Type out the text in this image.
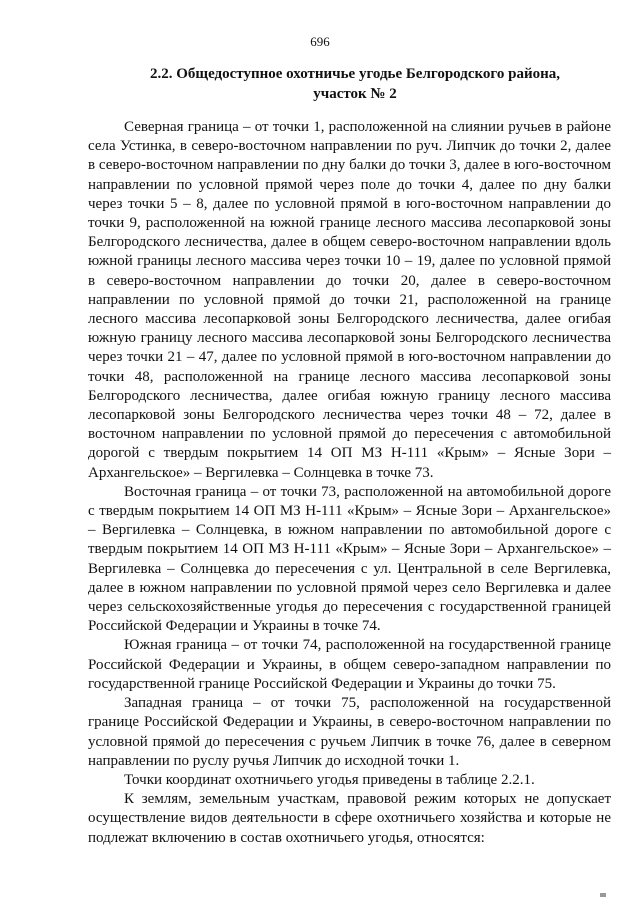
696
2.2. Общедоступное охотничье угодье Белгородского района,
участок № 2

Северная граница – от точки 1, расположенной на слиянии ручьев в районе села Устинка, в северо-восточном направлении по руч. Липчик до точки 2, далее в северо-восточном направлении по дну балки до точки 3, далее в юго-восточном направлении по условной прямой через поле до точки 4, далее по дну балки через точки 5 – 8, далее по условной прямой в юго-восточном направлении до точки 9, расположенной на южной границе лесного массива лесопарковой зоны Белгородского лесничества, далее в общем северо-восточном направлении вдоль южной границы лесного массива через точки 10 – 19, далее по условной прямой в северо-восточном направлении до точки 20, далее в северо-восточном направлении по условной прямой до точки 21, расположенной на границе лесного массива лесопарковой зоны Белгородского лесничества, далее огибая южную границу лесного массива лесопарковой зоны Белгородского лесничества через точки 21 – 47, далее по условной прямой в юго-восточном направлении до точки 48, расположенной на границе лесного массива лесопарковой зоны Белгородского лесничества, далее огибая южную границу лесного массива лесопарковой зоны Белгородского лесничества через точки 48 – 72, далее в восточном направлении по условной прямой до пересечения с автомобильной дорогой с твердым покрытием 14 ОП МЗ Н-111 «Крым» – Ясные Зори – Архангельское» – Вергилевка – Солнцевка в точке 73.

Восточная граница – от точки 73, расположенной на автомобильной дороге с твердым покрытием 14 ОП МЗ Н-111 «Крым» – Ясные Зори – Архангельское» – Вергилевка – Солнцевка, в южном направлении по автомобильной дороге с твердым покрытием 14 ОП МЗ Н-111 «Крым» – Ясные Зори – Архангельское» – Вергилевка – Солнцевка до пересечения с ул. Центральной в селе Вергилевка, далее в южном направлении по условной прямой через село Вергилевка и далее через сельскохозяйственные угодья до пересечения с государственной границей Российской Федерации и Украины в точке 74.

Южная граница – от точки 74, расположенной на государственной границе Российской Федерации и Украины, в общем северо-западном направлении по государственной границе Российской Федерации и Украины до точки 75.

Западная граница – от точки 75, расположенной на государственной границе Российской Федерации и Украины, в северо-восточном направлении по условной прямой до пересечения с ручьем Липчик в точке 76, далее в северном направлении по руслу ручья Липчик до исходной точки 1.

Точки координат охотничьего угодья приведены в таблице 2.2.1.

К землям, земельным участкам, правовой режим которых не допускает осуществление видов деятельности в сфере охотничьего хозяйства и которые не подлежат включению в состав охотничьего угодья, относятся:
